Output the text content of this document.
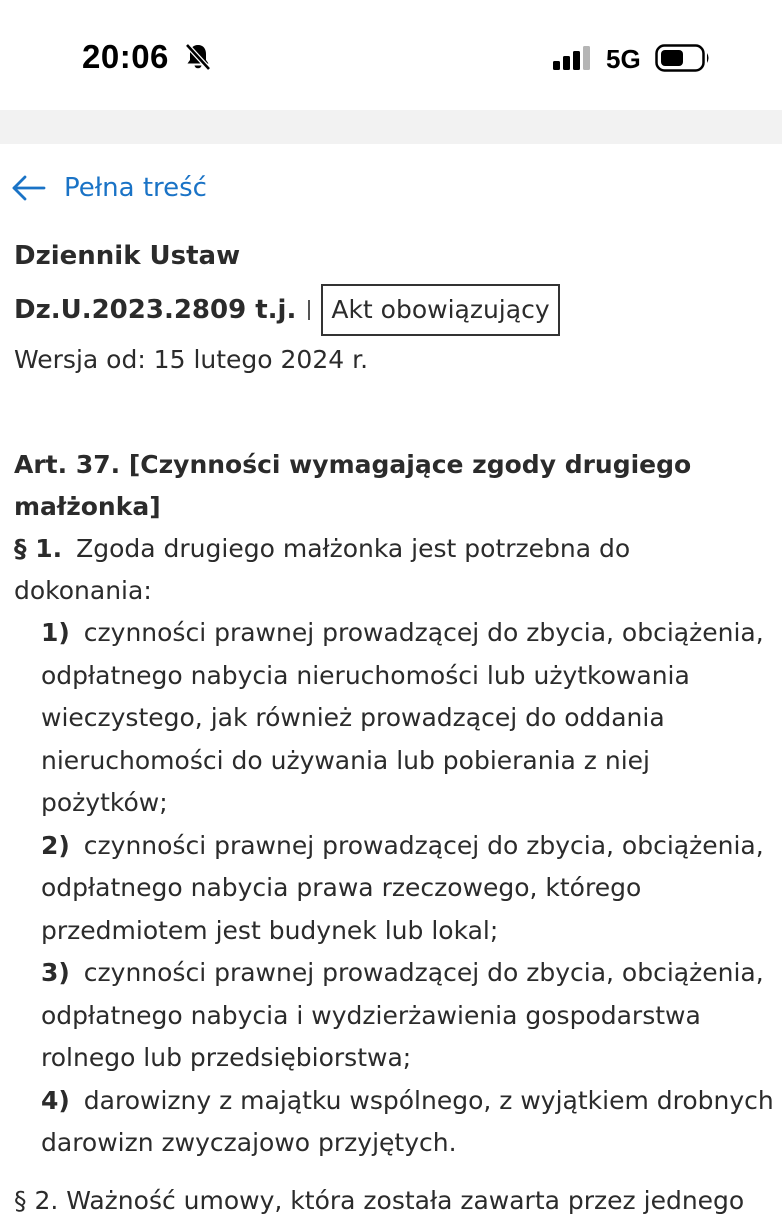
20:06	5G
Pełna treść
Dziennik Ustaw
Dz.U.2023.2809 t.j.	Akt obowiązujący
Wersja od: 15 lutego 2024 r.
Art. 37. [Czynności wymagające zgody drugiego małżonka]
§ 1. Zgoda drugiego małżonka jest potrzebna do dokonania:
1) czynności prawnej prowadzącej do zbycia, obciążenia, odpłatnego nabycia nieruchomości lub użytkowania wieczystego, jak również prowadzącej do oddania nieruchomości do używania lub pobierania z niej pożytków;
2) czynności prawnej prowadzącej do zbycia, obciążenia, odpłatnego nabycia prawa rzeczowego, którego przedmiotem jest budynek lub lokal;
3) czynności prawnej prowadzącej do zbycia, obciążenia, odpłatnego nabycia i wydzierżawienia gospodarstwa rolnego lub przedsiębiorstwa;
4) darowizny z majątku wspólnego, z wyjątkiem drobnych darowizn zwyczajowo przyjętych.
§ 2. Ważność umowy, która została zawarta przez jednego
